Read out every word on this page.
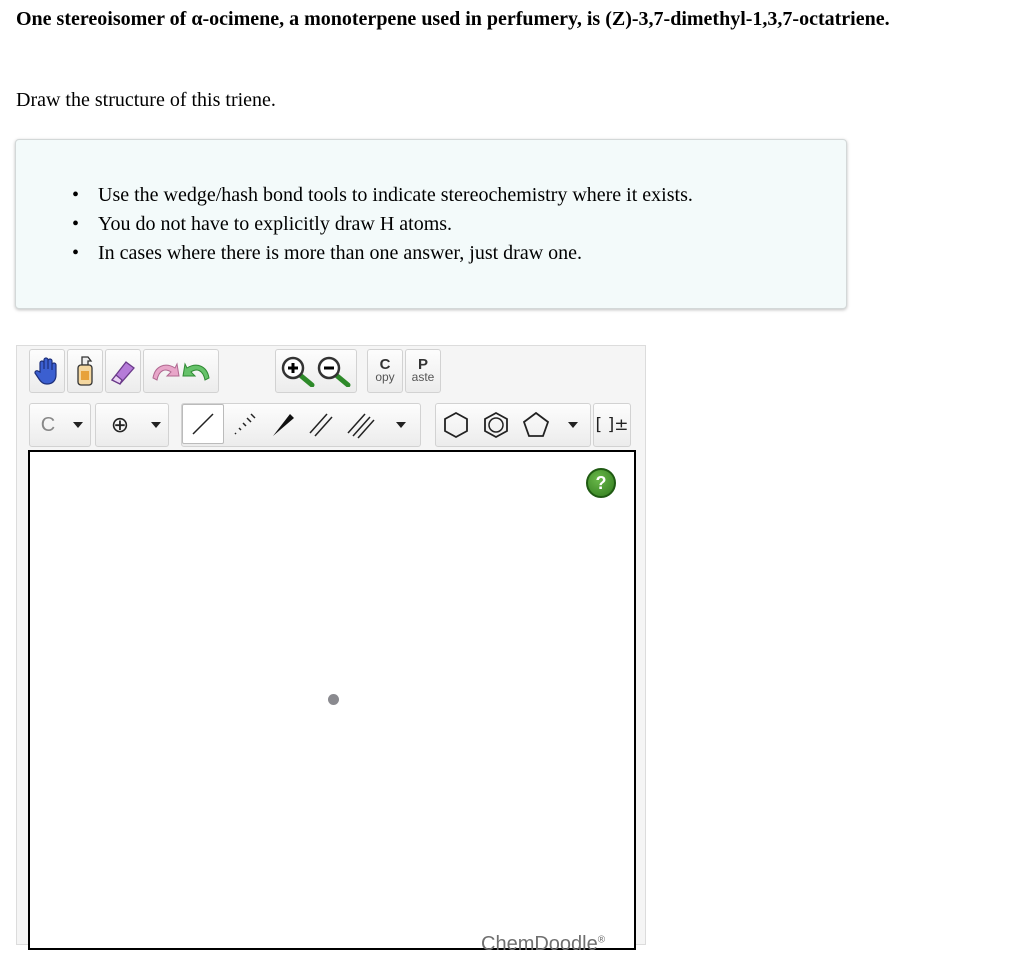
One stereoisomer of α-ocimene, a monoterpene used in perfumery, is (Z)-3,7-dimethyl-1,3,7-octatriene.
Draw the structure of this triene.
• Use the wedge/hash bond tools to indicate stereochemistry where it exists.
• You do not have to explicitly draw H atoms.
• In cases where there is more than one answer, just draw one.
C
opy
P
aste
C	⊕	[ ]±
?
ChemDoodle®
